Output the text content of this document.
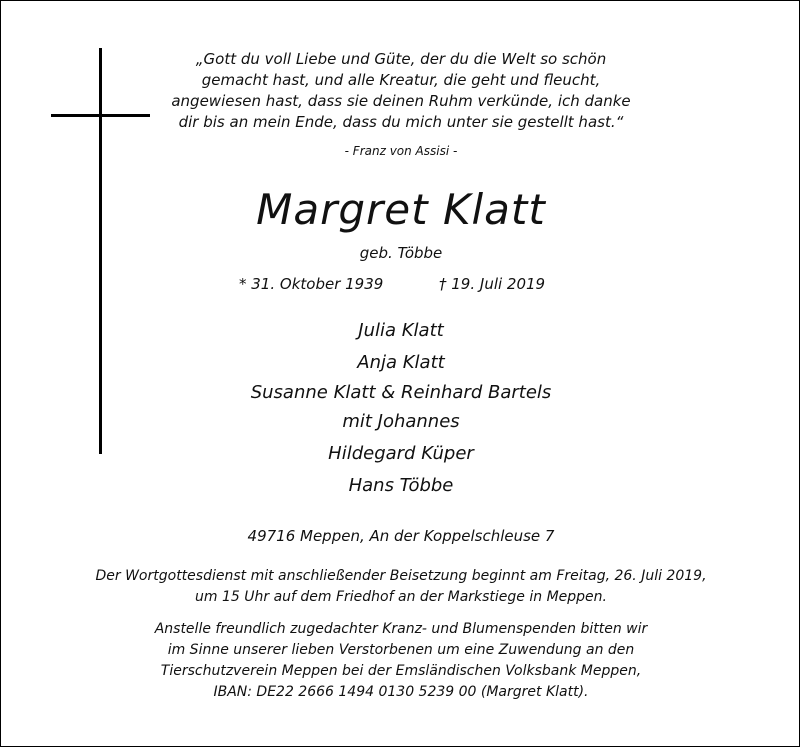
„Gott du voll Liebe und Güte, der du die Welt so schön
gemacht hast, und alle Kreatur, die geht und fleucht,
angewiesen hast, dass sie deinen Ruhm verkünde, ich danke
dir bis an mein Ende, dass du mich unter sie gestellt hast.“
- Franz von Assisi -
Margret Klatt
geb. Többe
* 31. Oktober 1939	† 19. Juli 2019
Julia Klatt
Anja Klatt
Susanne Klatt & Reinhard Bartels
mit Johannes
Hildegard Küper
Hans Többe
49716 Meppen, An der Koppelschleuse 7
Der Wortgottesdienst mit anschließender Beisetzung beginnt am Freitag, 26. Juli 2019,
um 15 Uhr auf dem Friedhof an der Markstiege in Meppen.
Anstelle freundlich zugedachter Kranz- und Blumenspenden bitten wir
im Sinne unserer lieben Verstorbenen um eine Zuwendung an den
Tierschutzverein Meppen bei der Emsländischen Volksbank Meppen,
IBAN: DE22 2666 1494 0130 5239 00 (Margret Klatt).
